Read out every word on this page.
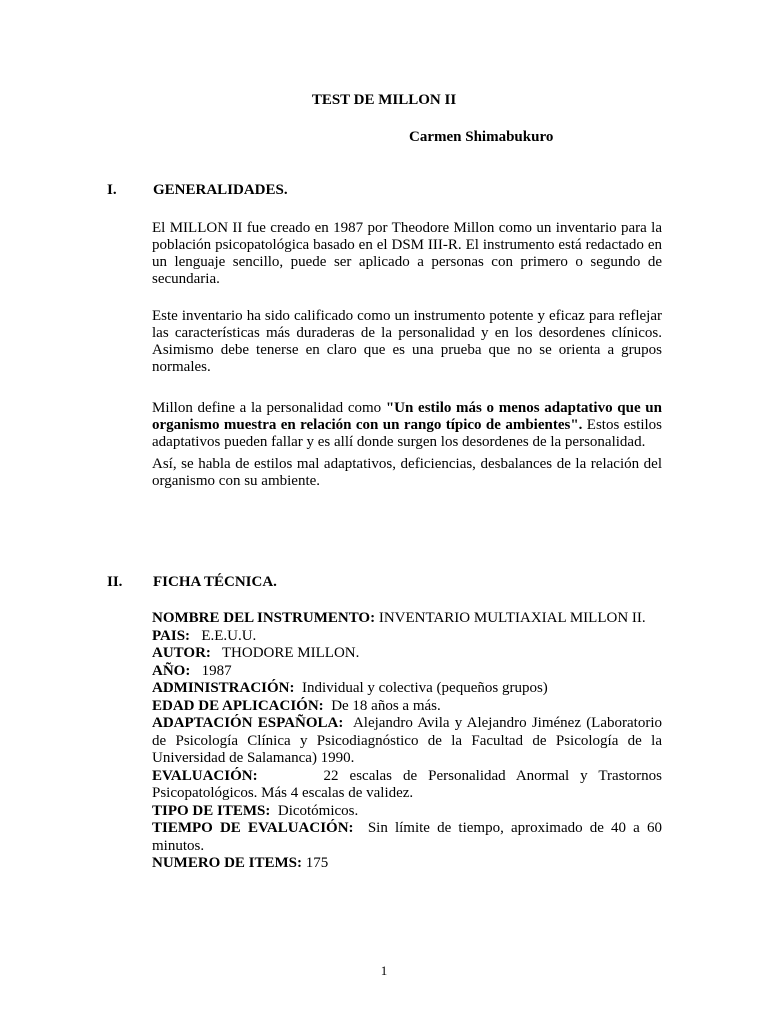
TEST DE MILLON II
Carmen Shimabukuro
I. GENERALIDADES.
El MILLON II fue creado en 1987 por Theodore Millon como un inventario para la población psicopatológica basado en el DSM III-R. El instrumento está redactado en un lenguaje sencillo, puede ser aplicado a personas con primero o segundo de secundaria.
Este inventario ha sido calificado como un instrumento potente y eficaz para reflejar las características más duraderas de la personalidad y en los desordenes clínicos. Asimismo debe tenerse en claro que es una prueba que no se orienta a grupos normales.
Millon define a la personalidad como "Un estilo más o menos adaptativo que un organismo muestra en relación con un rango típico de ambientes". Estos estilos adaptativos pueden fallar y es allí donde surgen los desordenes de la personalidad.
Así, se habla de estilos mal adaptativos, deficiencias, desbalances de la relación del organismo con su ambiente.
II. FICHA TÉCNICA.
NOMBRE DEL INSTRUMENTO: INVENTARIO MULTIAXIAL MILLON II.
PAIS:   E.E.U.U.
AUTOR:   THODORE MILLON.
AÑO:   1987
ADMINISTRACIÓN:  Individual y colectiva (pequeños grupos)
EDAD DE APLICACIÓN:  De 18 años a más.
ADAPTACIÓN ESPAÑOLA:  Alejandro Avila y Alejandro Jiménez (Laboratorio de Psicología Clínica y Psicodiagnóstico de la Facultad de Psicología de la Universidad de Salamanca) 1990.
EVALUACIÓN:      22 escalas de Personalidad Anormal y Trastornos Psicopatológicos. Más 4 escalas de validez.
TIPO DE ITEMS:  Dicotómicos.
TIEMPO DE EVALUACIÓN:  Sin límite de tiempo, aproximado de 40 a 60 minutos.
NUMERO DE ITEMS: 175
1
